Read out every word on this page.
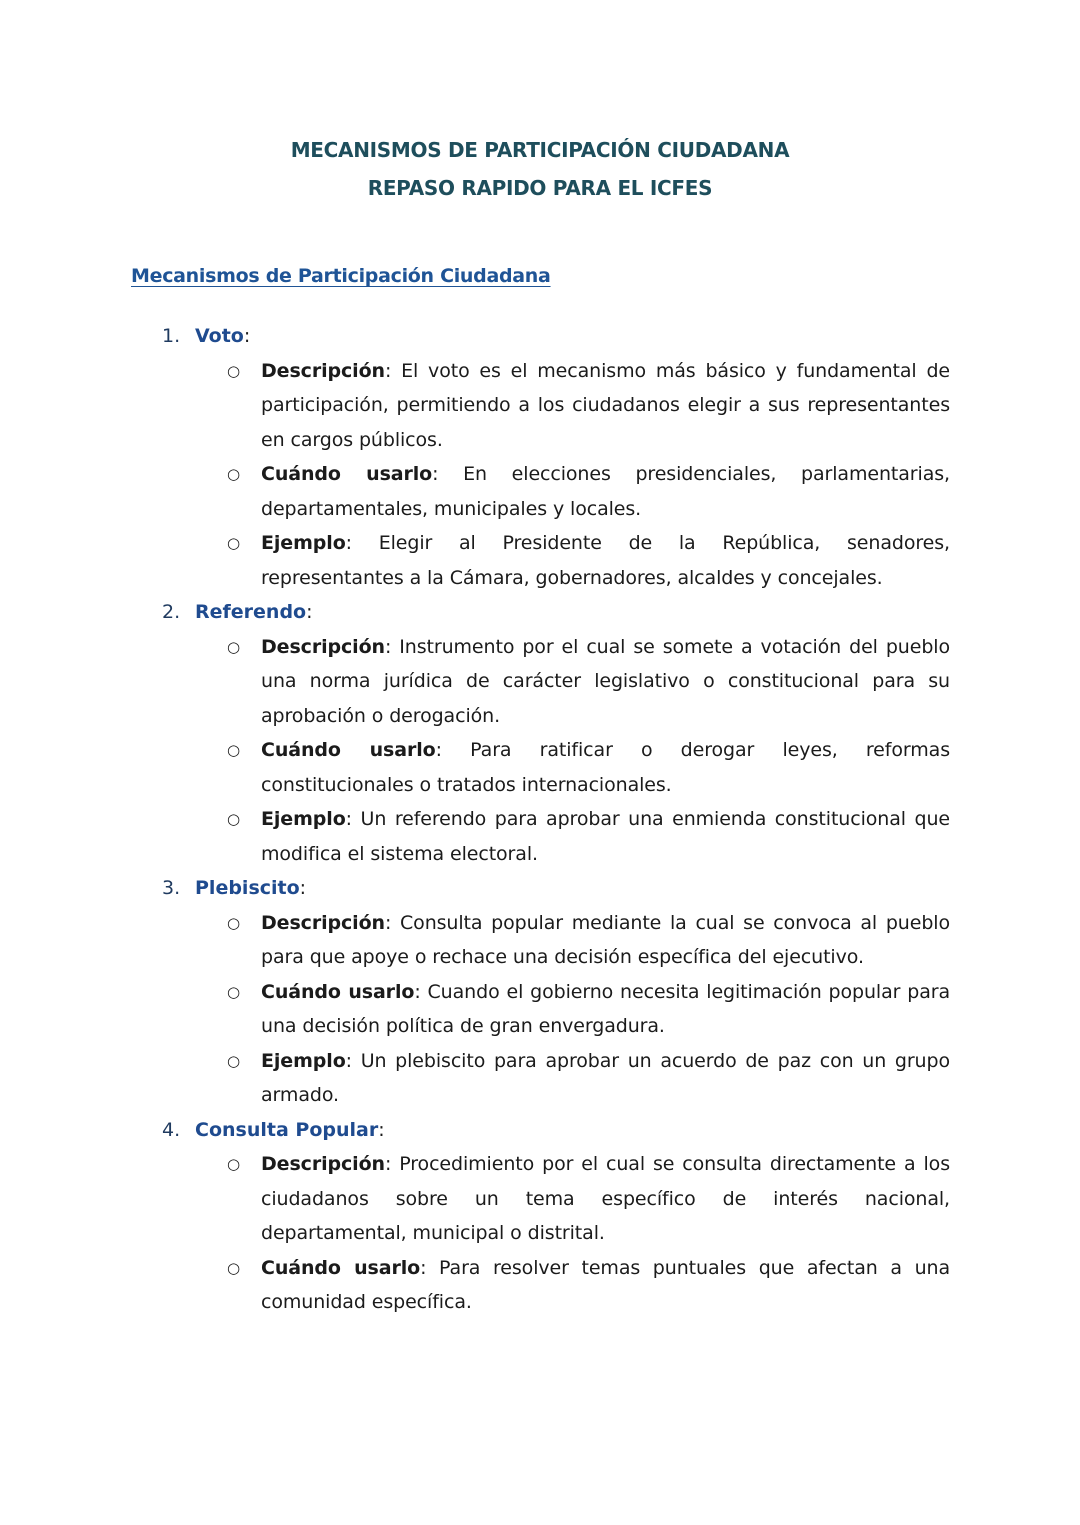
MECANISMOS DE PARTICIPACIÓN CIUDADANA
REPASO RAPIDO PARA EL ICFES
Mecanismos de Participación Ciudadana
1. Voto:
○ Descripción: El voto es el mecanismo más básico y fundamental de participación, permitiendo a los ciudadanos elegir a sus representantes en cargos públicos.
○ Cuándo usarlo: En elecciones presidenciales, parlamentarias, departamentales, municipales y locales.
○ Ejemplo: Elegir al Presidente de la República, senadores, representantes a la Cámara, gobernadores, alcaldes y concejales.
2. Referendo:
○ Descripción: Instrumento por el cual se somete a votación del pueblo una norma jurídica de carácter legislativo o constitucional para su aprobación o derogación.
○ Cuándo usarlo: Para ratificar o derogar leyes, reformas constitucionales o tratados internacionales.
○ Ejemplo: Un referendo para aprobar una enmienda constitucional que modifica el sistema electoral.
3. Plebiscito:
○ Descripción: Consulta popular mediante la cual se convoca al pueblo para que apoye o rechace una decisión específica del ejecutivo.
○ Cuándo usarlo: Cuando el gobierno necesita legitimación popular para una decisión política de gran envergadura.
○ Ejemplo: Un plebiscito para aprobar un acuerdo de paz con un grupo armado.
4. Consulta Popular:
○ Descripción: Procedimiento por el cual se consulta directamente a los ciudadanos sobre un tema específico de interés nacional, departamental, municipal o distrital.
○ Cuándo usarlo: Para resolver temas puntuales que afectan a una comunidad específica.
